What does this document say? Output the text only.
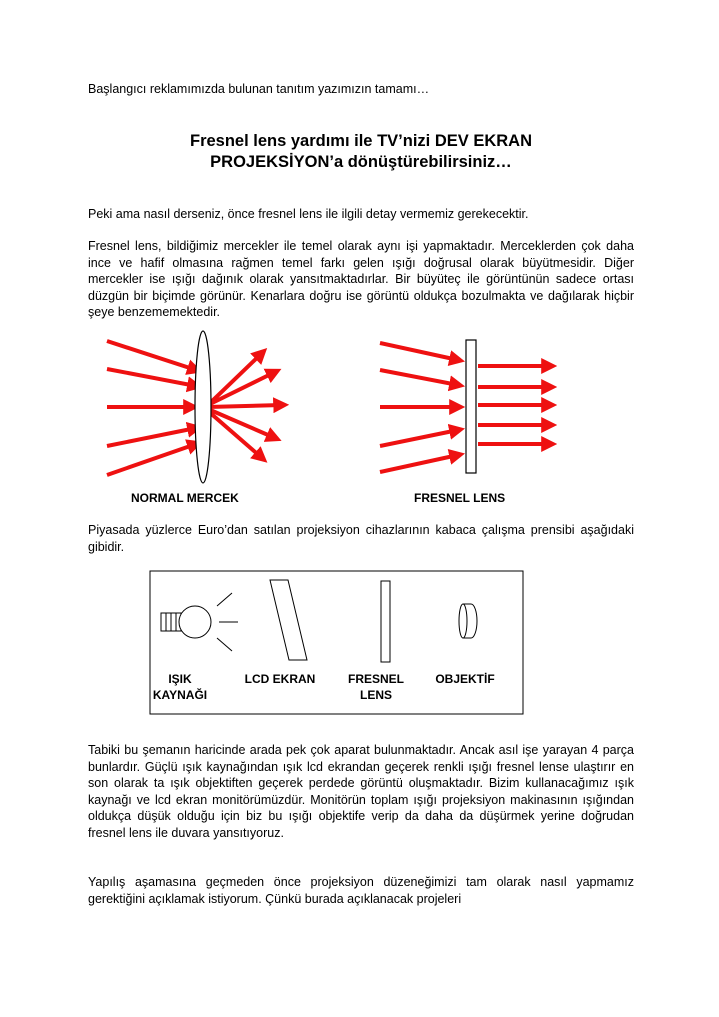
Başlangıcı reklamımızda bulunan tanıtım yazımızın tamamı…
Fresnel lens yardımı ile TV’nizi DEV EKRAN
PROJEKSİYON’a dönüştürebilirsiniz…
Peki ama nasıl derseniz, önce fresnel lens ile ilgili detay vermemiz gerekecektir.
Fresnel lens, bildiğimiz mercekler ile temel olarak aynı işi yapmaktadır. Merceklerden çok daha ince ve hafif olmasına rağmen temel farkı gelen ışığı doğrusal olarak büyütmesidir. Diğer mercekler ise ışığı dağınık olarak yansıtmaktadırlar. Bir büyüteç ile görüntünün sadece ortası düzgün bir biçimde görünür. Kenarlara doğru ise görüntü oldukça bozulmakta ve dağılarak hiçbir şeye benzememektedir.
NORMAL MERCEK	FRESNEL LENS
Piyasada yüzlerce Euro’dan satılan projeksiyon cihazlarının kabaca çalışma prensibi aşağıdaki gibidir.
IŞIK KAYNAĞI
LCD EKRAN	FRESNEL LENS
OBJEKTİF
Tabiki bu şemanın haricinde arada pek çok aparat bulunmaktadır. Ancak asıl işe yarayan 4 parça bunlardır. Güçlü ışık kaynağından ışık lcd ekrandan geçerek renkli ışığı fresnel lense ulaştırır en son olarak ta ışık objektiften geçerek perdede görüntü oluşmaktadır. Bizim kullanacağımız ışık kaynağı ve lcd ekran monitörümüzdür. Monitörün toplam ışığı projeksiyon makinasının ışığından oldukça düşük olduğu için biz bu ışığı objektife verip da daha da düşürmek yerine doğrudan fresnel lens ile duvara yansıtıyoruz.
Yapılış aşamasına geçmeden önce projeksiyon düzeneğimizi tam olarak nasıl yapmamız gerektiğini açıklamak istiyorum. Çünkü burada açıklanacak projeleri
